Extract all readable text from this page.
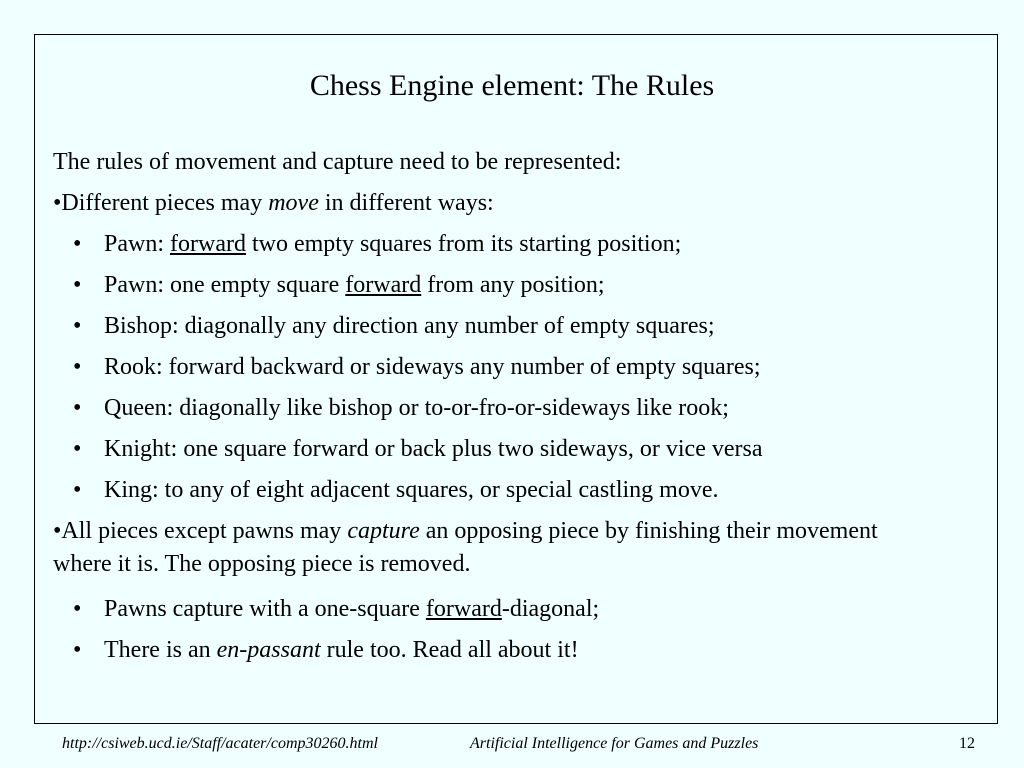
Chess Engine element: The Rules
The rules of movement and capture need to be represented:
•Different pieces may move in different ways:
• Pawn: forward two empty squares from its starting position;
• Pawn: one empty square forward from any position;
• Bishop: diagonally any direction any number of empty squares;
• Rook: forward backward or sideways any number of empty squares;
• Queen: diagonally like bishop or to-or-fro-or-sideways like rook;
• Knight: one square forward or back plus two sideways, or vice versa
• King: to any of eight adjacent squares, or special castling move.
•All pieces except pawns may capture an opposing piece by finishing their movement where it is. The opposing piece is removed.
• Pawns capture with a one-square forward-diagonal;
• There is an en-passant rule too. Read all about it!
http://csiweb.ucd.ie/Staff/acater/comp30260.html	Artificial Intelligence for Games and Puzzles	12
